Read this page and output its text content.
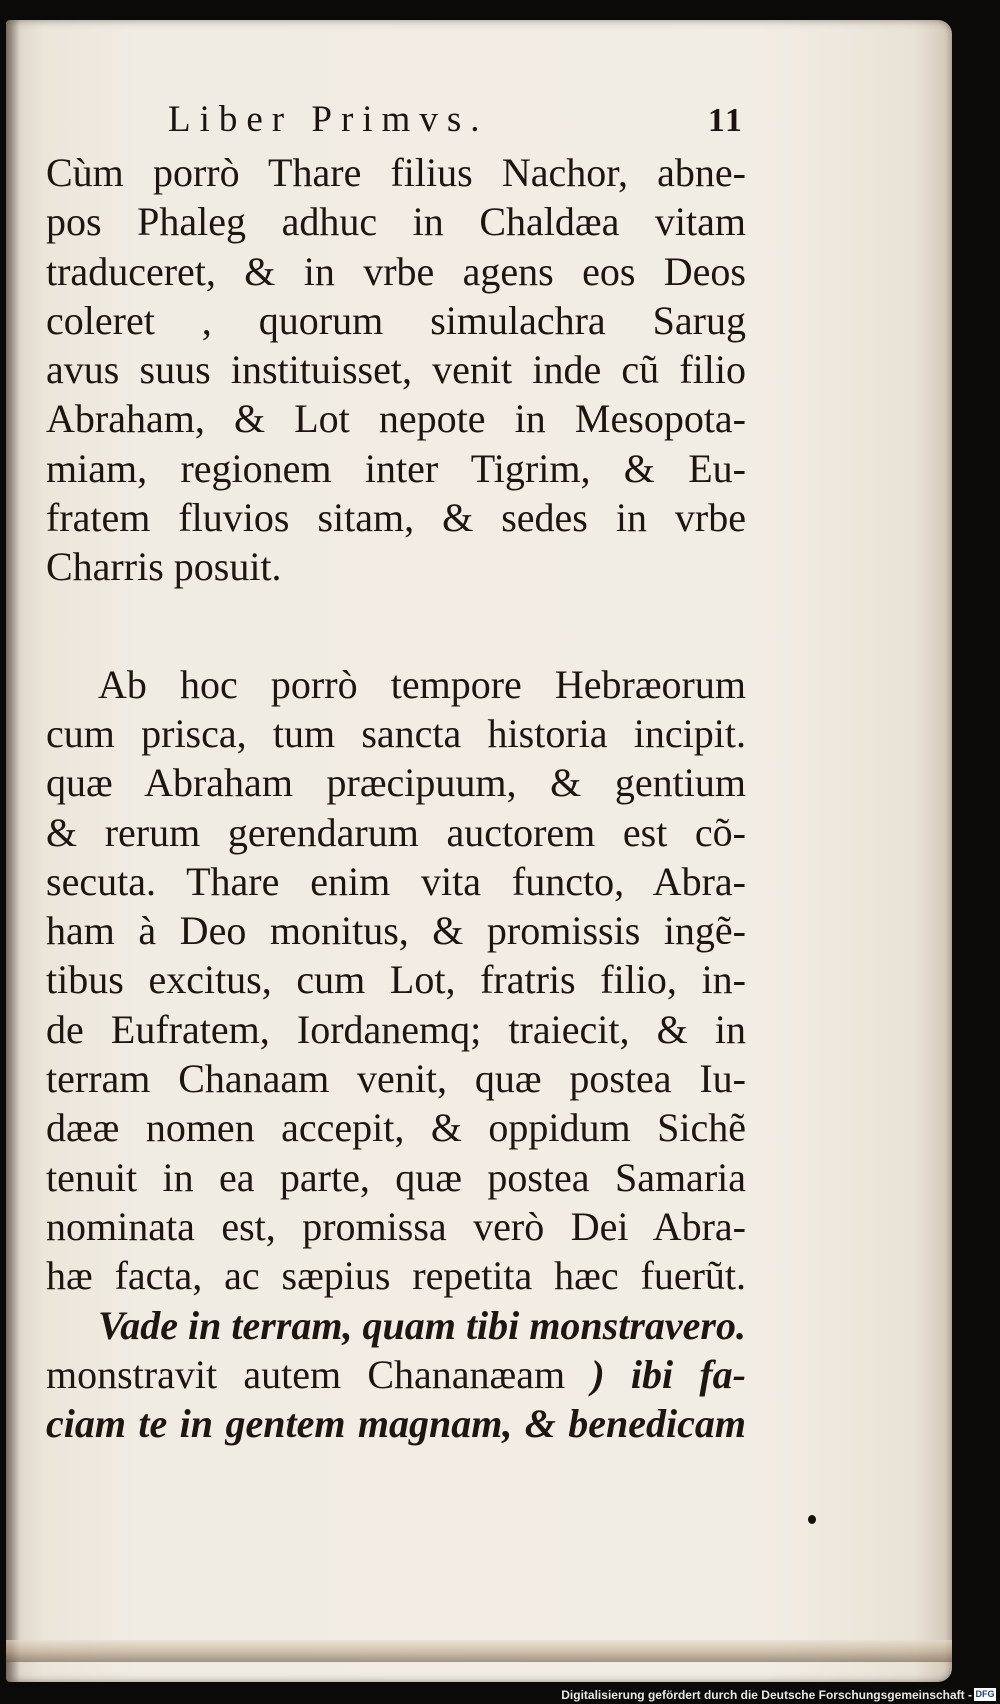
Liber Primvs.	11
Cùm porrò Thare filius Nachor, abne-
pos Phaleg adhuc in Chaldæa vitam
traduceret, & in vrbe agens eos Deos
coleret , quorum simulachra Sarug
avus suus instituisset, venit inde cũ filio
Abraham, & Lot nepote in Mesopota-
miam, regionem inter Tigrim, & Eu-
fratem fluvios sitam, & sedes in vrbe
Charris posuit.
Ab hoc porrò tempore Hebræorum
cum prisca, tum sancta historia incipit.
quæ Abraham præcipuum, & gentium
& rerum gerendarum auctorem est cõ-
secuta. Thare enim vita functo, Abra-
ham à Deo monitus, & promissis ingẽ-
tibus excitus, cum Lot, fratris filio, in-
de Eufratem, Iordanemq; traiecit, & in
terram Chanaam venit, quæ postea Iu-
dææ nomen accepit, & oppidum Sichẽ
tenuit in ea parte, quæ postea Samaria
nominata est, promissa verò Dei Abra-
hæ facta, ac sæpius repetita hæc fuerũt.
Vade in terram, quam tibi monstravero.
monstravit autem Chananæam ) ibi fa-
ciam te in gentem magnam, & benedicam
Digitalisierung gefördert durch die Deutsche Forschungsgemeinschaft - DFG
